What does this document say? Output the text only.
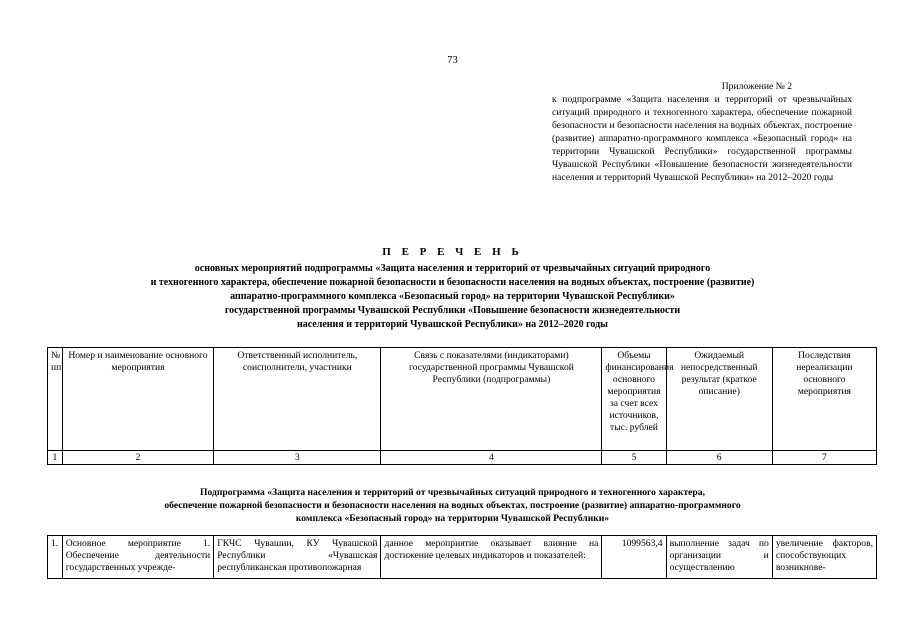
73
Приложение № 2
к подпрограмме «Защита населения и территорий от чрезвычайных ситуаций природного и техногенного характера, обеспечение пожарной безопасности и безопасности населения на водных объектах, построение (развитие) аппаратно-программного комплекса «Безопасный город» на территории Чувашской Республики» государственной программы Чувашской Республики «Повышение безопасности жизнедеятельности населения и территорий Чувашской Республики» на 2012–2020 годы
П Е Р Е Ч Е Н Ь
основных мероприятий подпрограммы «Защита населения и территорий от чрезвычайных ситуаций природного
и техногенного характера, обеспечение пожарной безопасности и безопасности населения на водных объектах, построение (развитие)
аппаратно-программного комплекса «Безопасный город» на территории Чувашской Республики»
государственной программы Чувашской Республики «Повышение безопасности жизнедеятельности
населения и территорий Чувашской Республики» на 2012–2020 годы
№ пп	Номер и наименование основного мероприятия	Ответственный исполнитель, соисполнители, участники	Связь с показателями (индикаторами) государственной программы Чувашской Республики (подпрограммы)	Объемы финансирования основного мероприятия за счет всех источников, тыс. рублей	Ожидаемый непосредственный результат (краткое описание)	Последствия нереализации основного мероприятия
1	2	3	4	5	6	7
Подпрограмма «Защита населения и территорий от чрезвычайных ситуаций природного и техногенного характера,
обеспечение пожарной безопасности и безопасности населения на водных объектах, построение (развитие) аппаратно-программного
комплекса «Безопасный город» на территории Чувашской Республики»
1.	Основное мероприятие 1. Обеспечение деятельности государственных учрежде-	ГКЧС Чувашии, КУ Чувашской Республики «Чувашская республиканская противопожарная	данное мероприятие оказывает влияние на достижение целевых индикаторов и показателей:	1099563,4	выполнение задач по организации и осуществлению	увеличение факторов, способствующих возникнове-
